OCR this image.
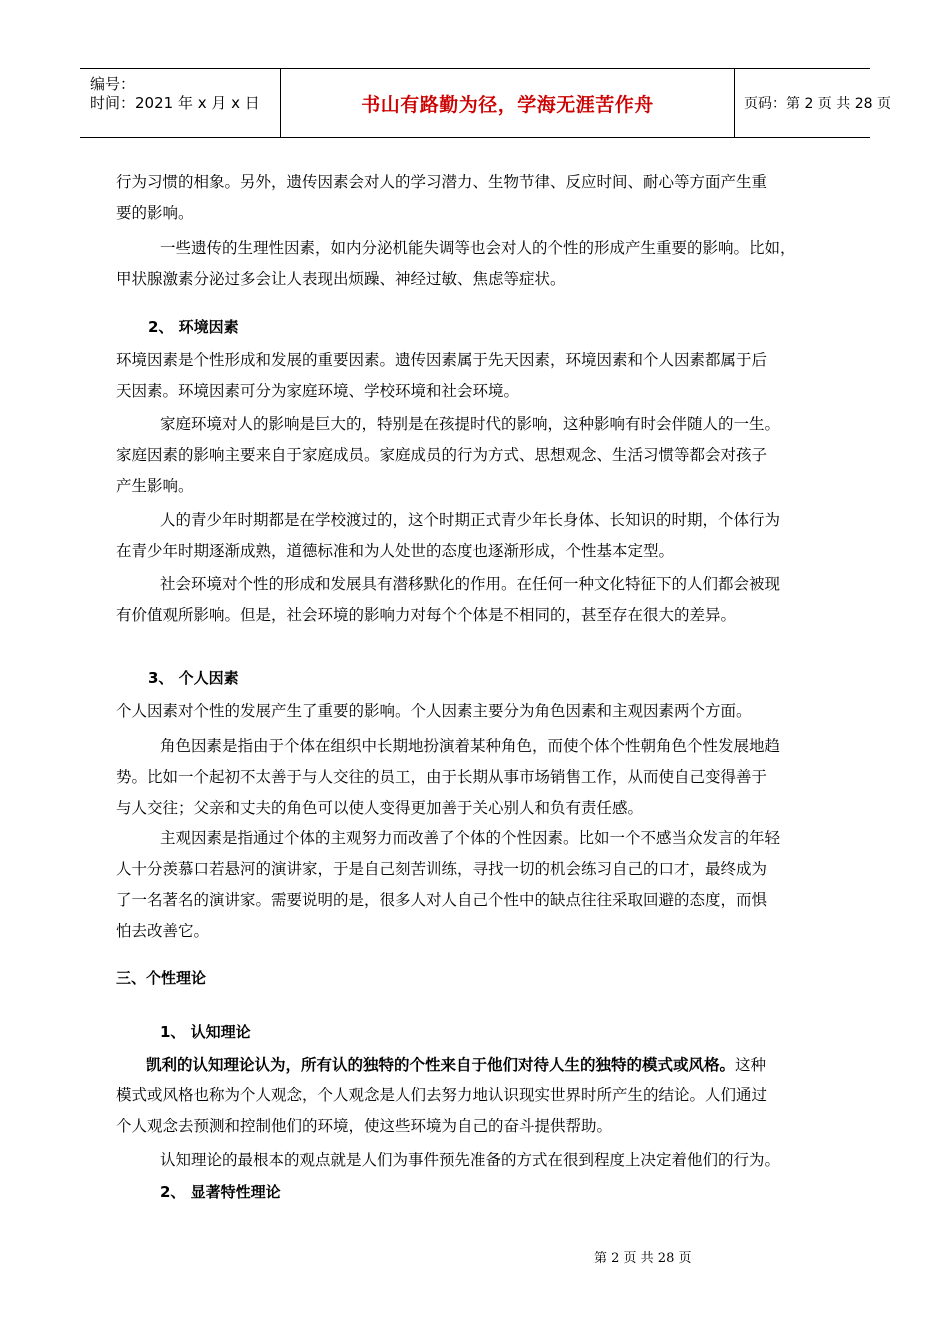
编号：
时间：2021 年 x 月 x 日	书山有路勤为径，学海无涯苦作舟	页码：第 2 页 共 28 页
行为习惯的相象。另外，遗传因素会对人的学习潜力、生物节律、反应时间、耐心等方面产生重
要的影响。
一些遗传的生理性因素，如内分泌机能失调等也会对人的个性的形成产生重要的影响。比如，
甲状腺激素分泌过多会让人表现出烦躁、神经过敏、焦虑等症状。
2、 环境因素
环境因素是个性形成和发展的重要因素。遗传因素属于先天因素，环境因素和个人因素都属于后
天因素。环境因素可分为家庭环境、学校环境和社会环境。
家庭环境对人的影响是巨大的，特别是在孩提时代的影响，这种影响有时会伴随人的一生。
家庭因素的影响主要来自于家庭成员。家庭成员的行为方式、思想观念、生活习惯等都会对孩子
产生影响。
人的青少年时期都是在学校渡过的，这个时期正式青少年长身体、长知识的时期，个体行为
在青少年时期逐渐成熟，道德标准和为人处世的态度也逐渐形成，个性基本定型。
社会环境对个性的形成和发展具有潜移默化的作用。在任何一种文化特征下的人们都会被现
有价值观所影响。但是，社会环境的影响力对每个个体是不相同的，甚至存在很大的差异。
3、 个人因素
个人因素对个性的发展产生了重要的影响。个人因素主要分为角色因素和主观因素两个方面。
角色因素是指由于个体在组织中长期地扮演着某种角色，而使个体个性朝角色个性发展地趋
势。比如一个起初不太善于与人交往的员工，由于长期从事市场销售工作，从而使自己变得善于
与人交往；父亲和丈夫的角色可以使人变得更加善于关心别人和负有责任感。
主观因素是指通过个体的主观努力而改善了个体的个性因素。比如一个不感当众发言的年轻
人十分羡慕口若悬河的演讲家，于是自己刻苦训练，寻找一切的机会练习自己的口才，最终成为
了一名著名的演讲家。需要说明的是，很多人对人自己个性中的缺点往往采取回避的态度，而惧
怕去改善它。
三、个性理论
1、 认知理论
凯利的认知理论认为，所有认的独特的个性来自于他们对待人生的独特的模式或风格。这种
模式或风格也称为个人观念，个人观念是人们去努力地认识现实世界时所产生的结论。人们通过
个人观念去预测和控制他们的环境，使这些环境为自己的奋斗提供帮助。
认知理论的最根本的观点就是人们为事件预先准备的方式在很到程度上决定着他们的行为。
2、 显著特性理论
第 2 页 共 28 页
